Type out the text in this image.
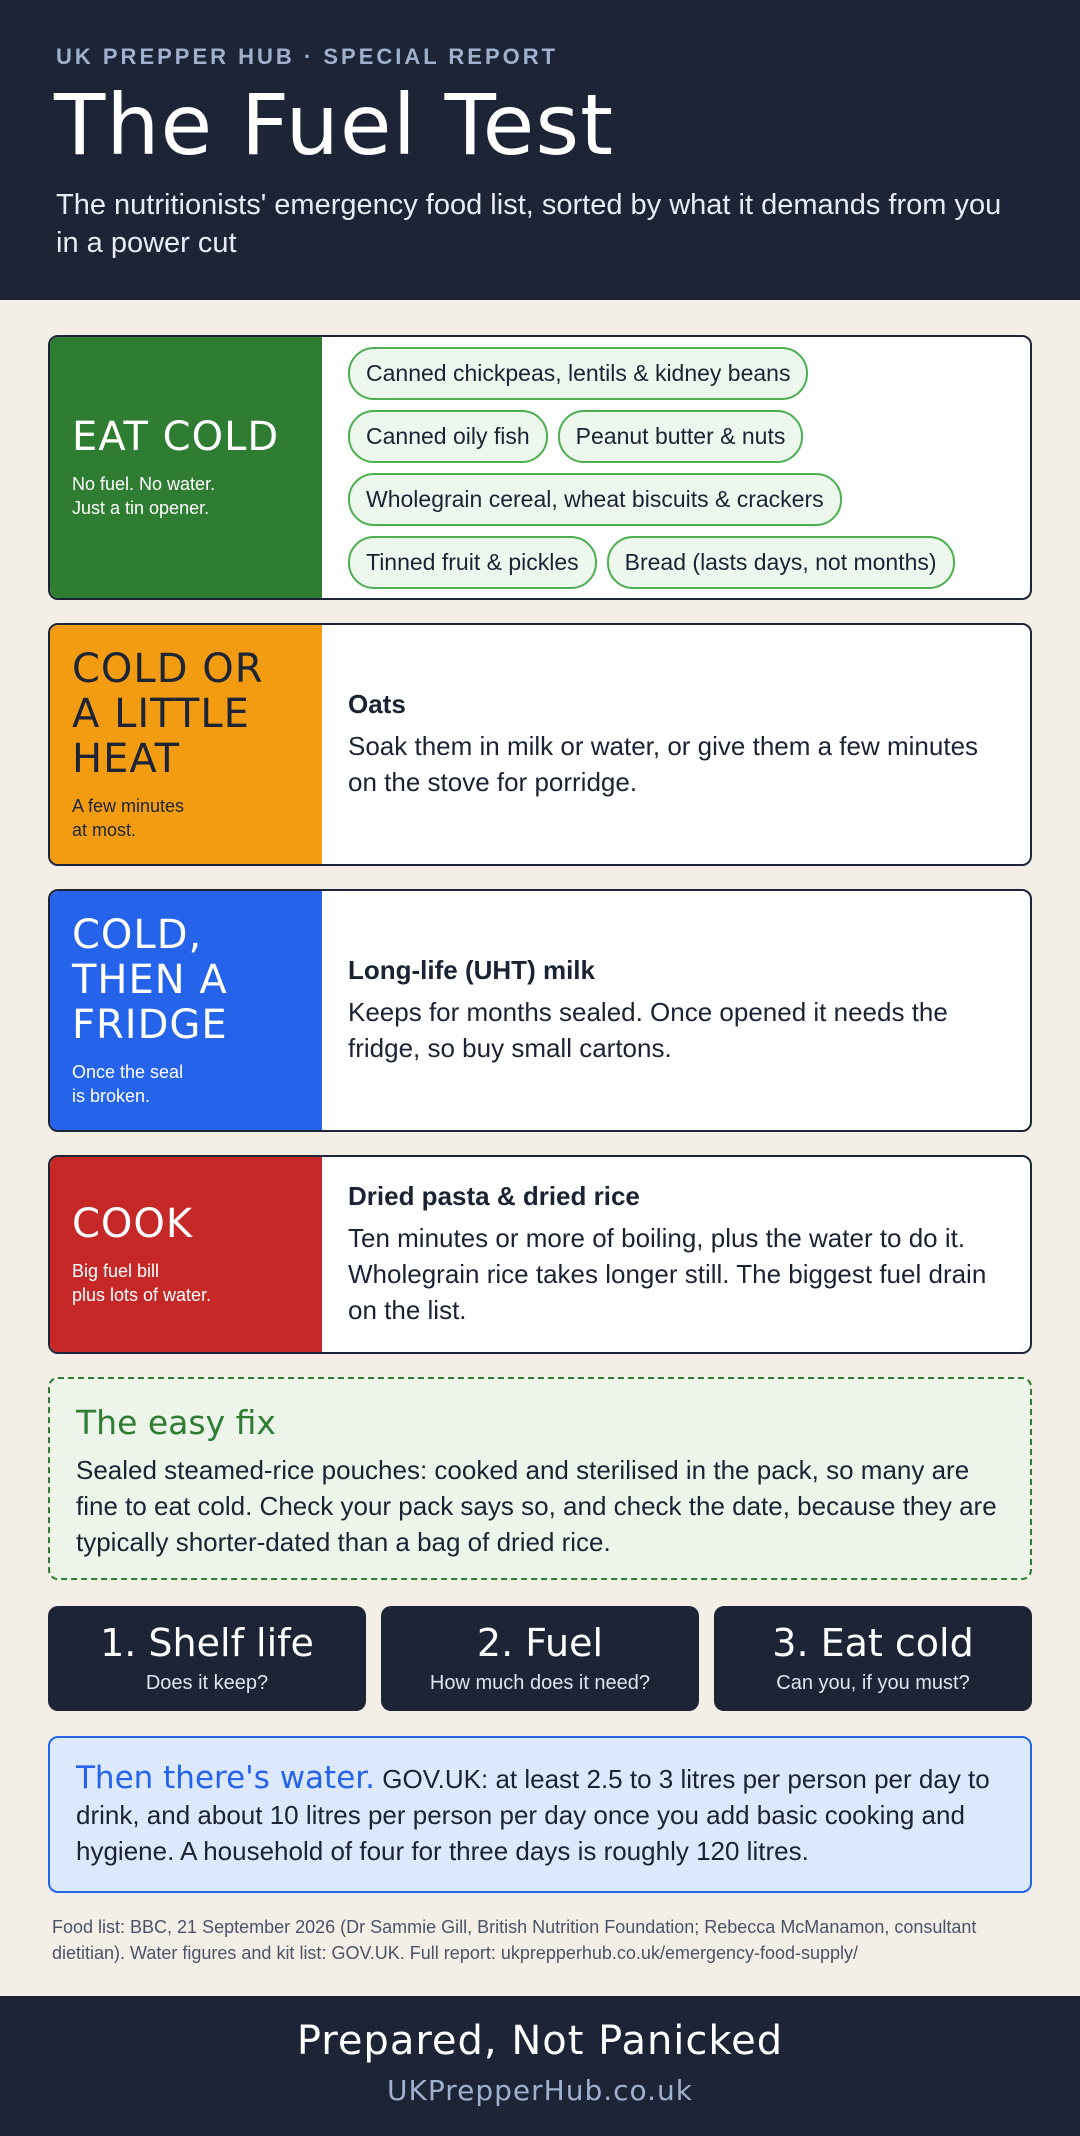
UK PREPPER HUB · SPECIAL REPORT
The Fuel Test
The nutritionists' emergency food list, sorted by what it demands from you in a power cut
EAT COLD
No fuel. No water.
Just a tin opener.
Canned chickpeas, lentils & kidney beans
Canned oily fish	Peanut butter & nuts
Wholegrain cereal, wheat biscuits & crackers
Tinned fruit & pickles	Bread (lasts days, not months)
COLD OR A LITTLE HEAT
A few minutes
at most.
Oats
Soak them in milk or water, or give them a few minutes on the stove for porridge.
COLD, THEN A FRIDGE
Once the seal
is broken.
Long-life (UHT) milk
Keeps for months sealed. Once opened it needs the fridge, so buy small cartons.
COOK
Big fuel bill
plus lots of water.
Dried pasta & dried rice
Ten minutes or more of boiling, plus the water to do it. Wholegrain rice takes longer still. The biggest fuel drain on the list.
The easy fix
Sealed steamed-rice pouches: cooked and sterilised in the pack, so many are fine to eat cold. Check your pack says so, and check the date, because they are typically shorter-dated than a bag of dried rice.
1. Shelf life
Does it keep?
2. Fuel
How much does it need?
3. Eat cold
Can you, if you must?
Then there's water. GOV.UK: at least 2.5 to 3 litres per person per day to drink, and about 10 litres per person per day once you add basic cooking and hygiene. A household of four for three days is roughly 120 litres.
Food list: BBC, 21 September 2026 (Dr Sammie Gill, British Nutrition Foundation; Rebecca McManamon, consultant dietitian). Water figures and kit list: GOV.UK. Full report: ukprepperhub.co.uk/emergency-food-supply/
Prepared, Not Panicked
UKPrepperHub.co.uk
